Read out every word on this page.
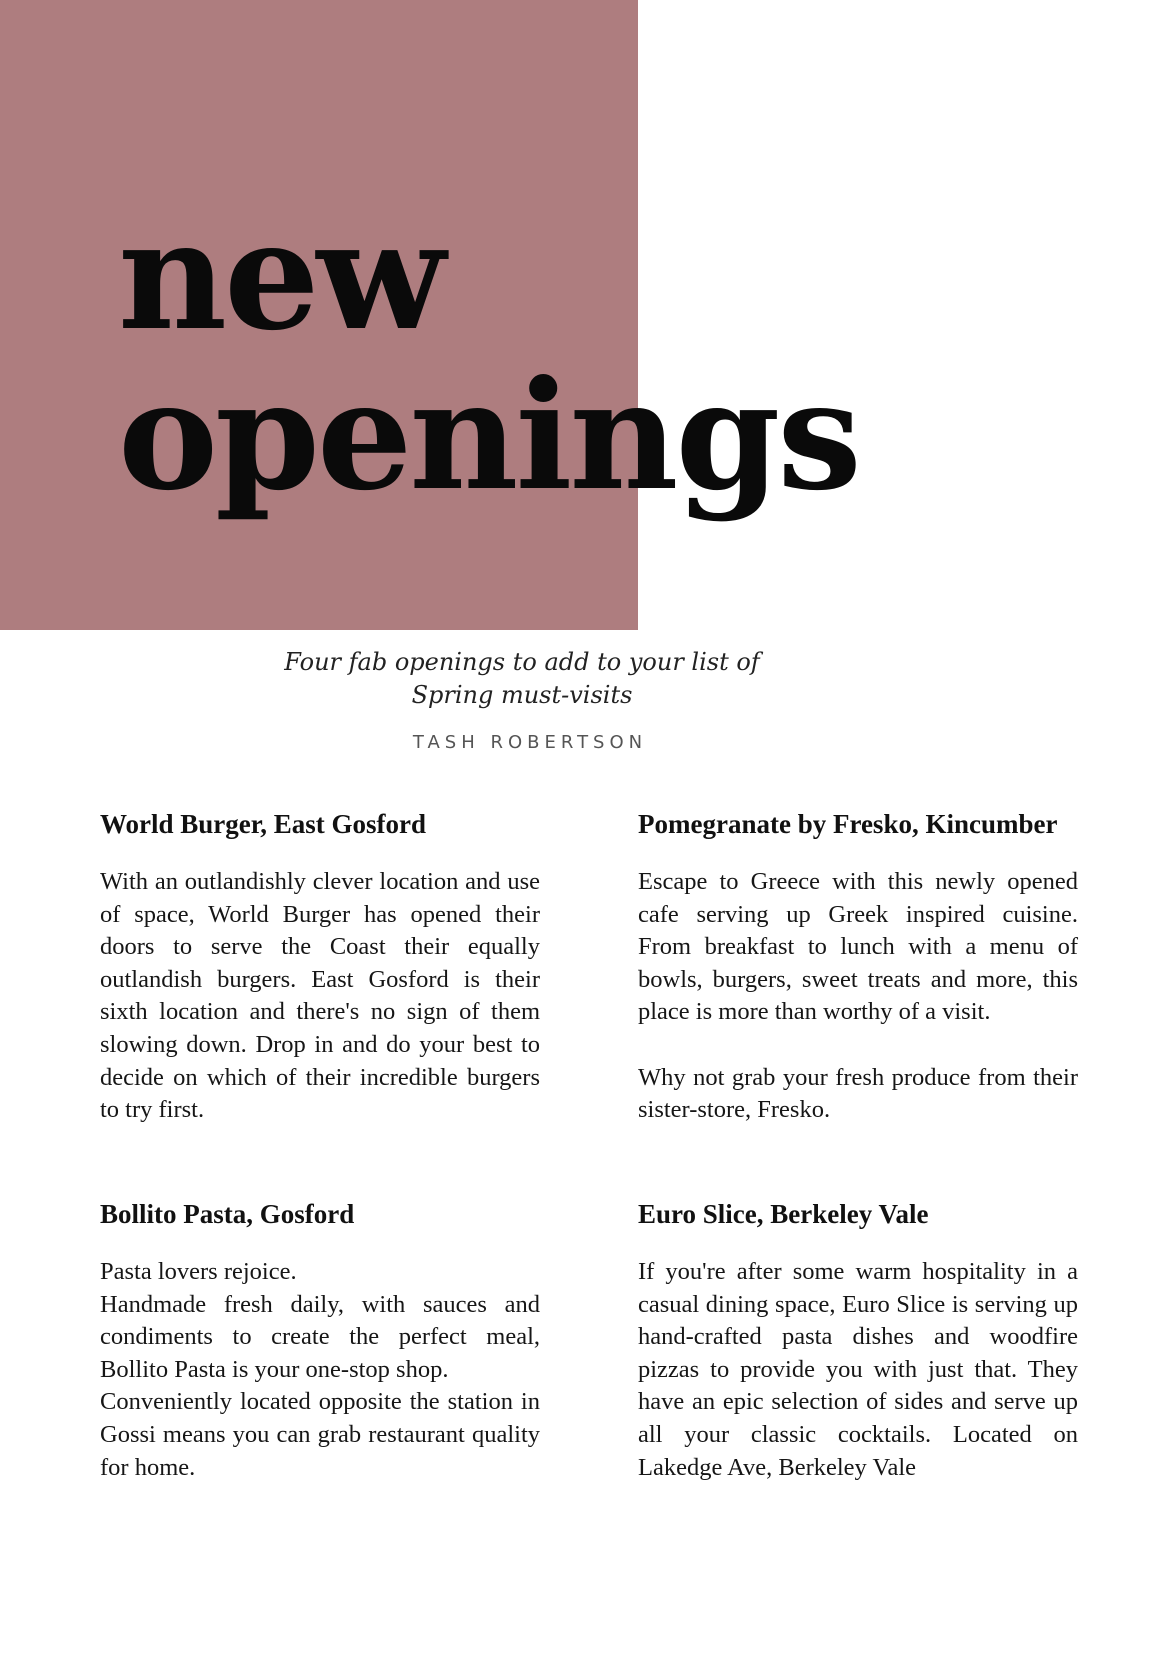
new
openings
Four fab openings to add to your list of Spring must-visits
TASH ROBERTSON
World Burger, East Gosford

With an outlandishly clever location and use of space, World Burger has opened their doors to serve the Coast their equally outlandish burgers. East Gosford is their sixth location and there's no sign of them slowing down. Drop in and do your best to decide on which of their incredible burgers to try first.

Pomegranate by Fresko, Kincumber

Escape to Greece with this newly opened cafe serving up Greek inspired cuisine. From breakfast to lunch with a menu of bowls, burgers, sweet treats and more, this place is more than worthy of a visit.

Why not grab your fresh produce from their sister-store, Fresko.

Bollito Pasta, Gosford

Pasta lovers rejoice.

Handmade fresh daily, with sauces and condiments to create the perfect meal, Bollito Pasta is your one-stop shop.

Conveniently located opposite the station in Gossi means you can grab restaurant quality for home.

Euro Slice, Berkeley Vale

If you're after some warm hospitality in a casual dining space, Euro Slice is serving up hand-crafted pasta dishes and woodfire pizzas to provide you with just that. They have an epic selection of sides and serve up all your classic cocktails. Located on Lakedge Ave, Berkeley Vale
